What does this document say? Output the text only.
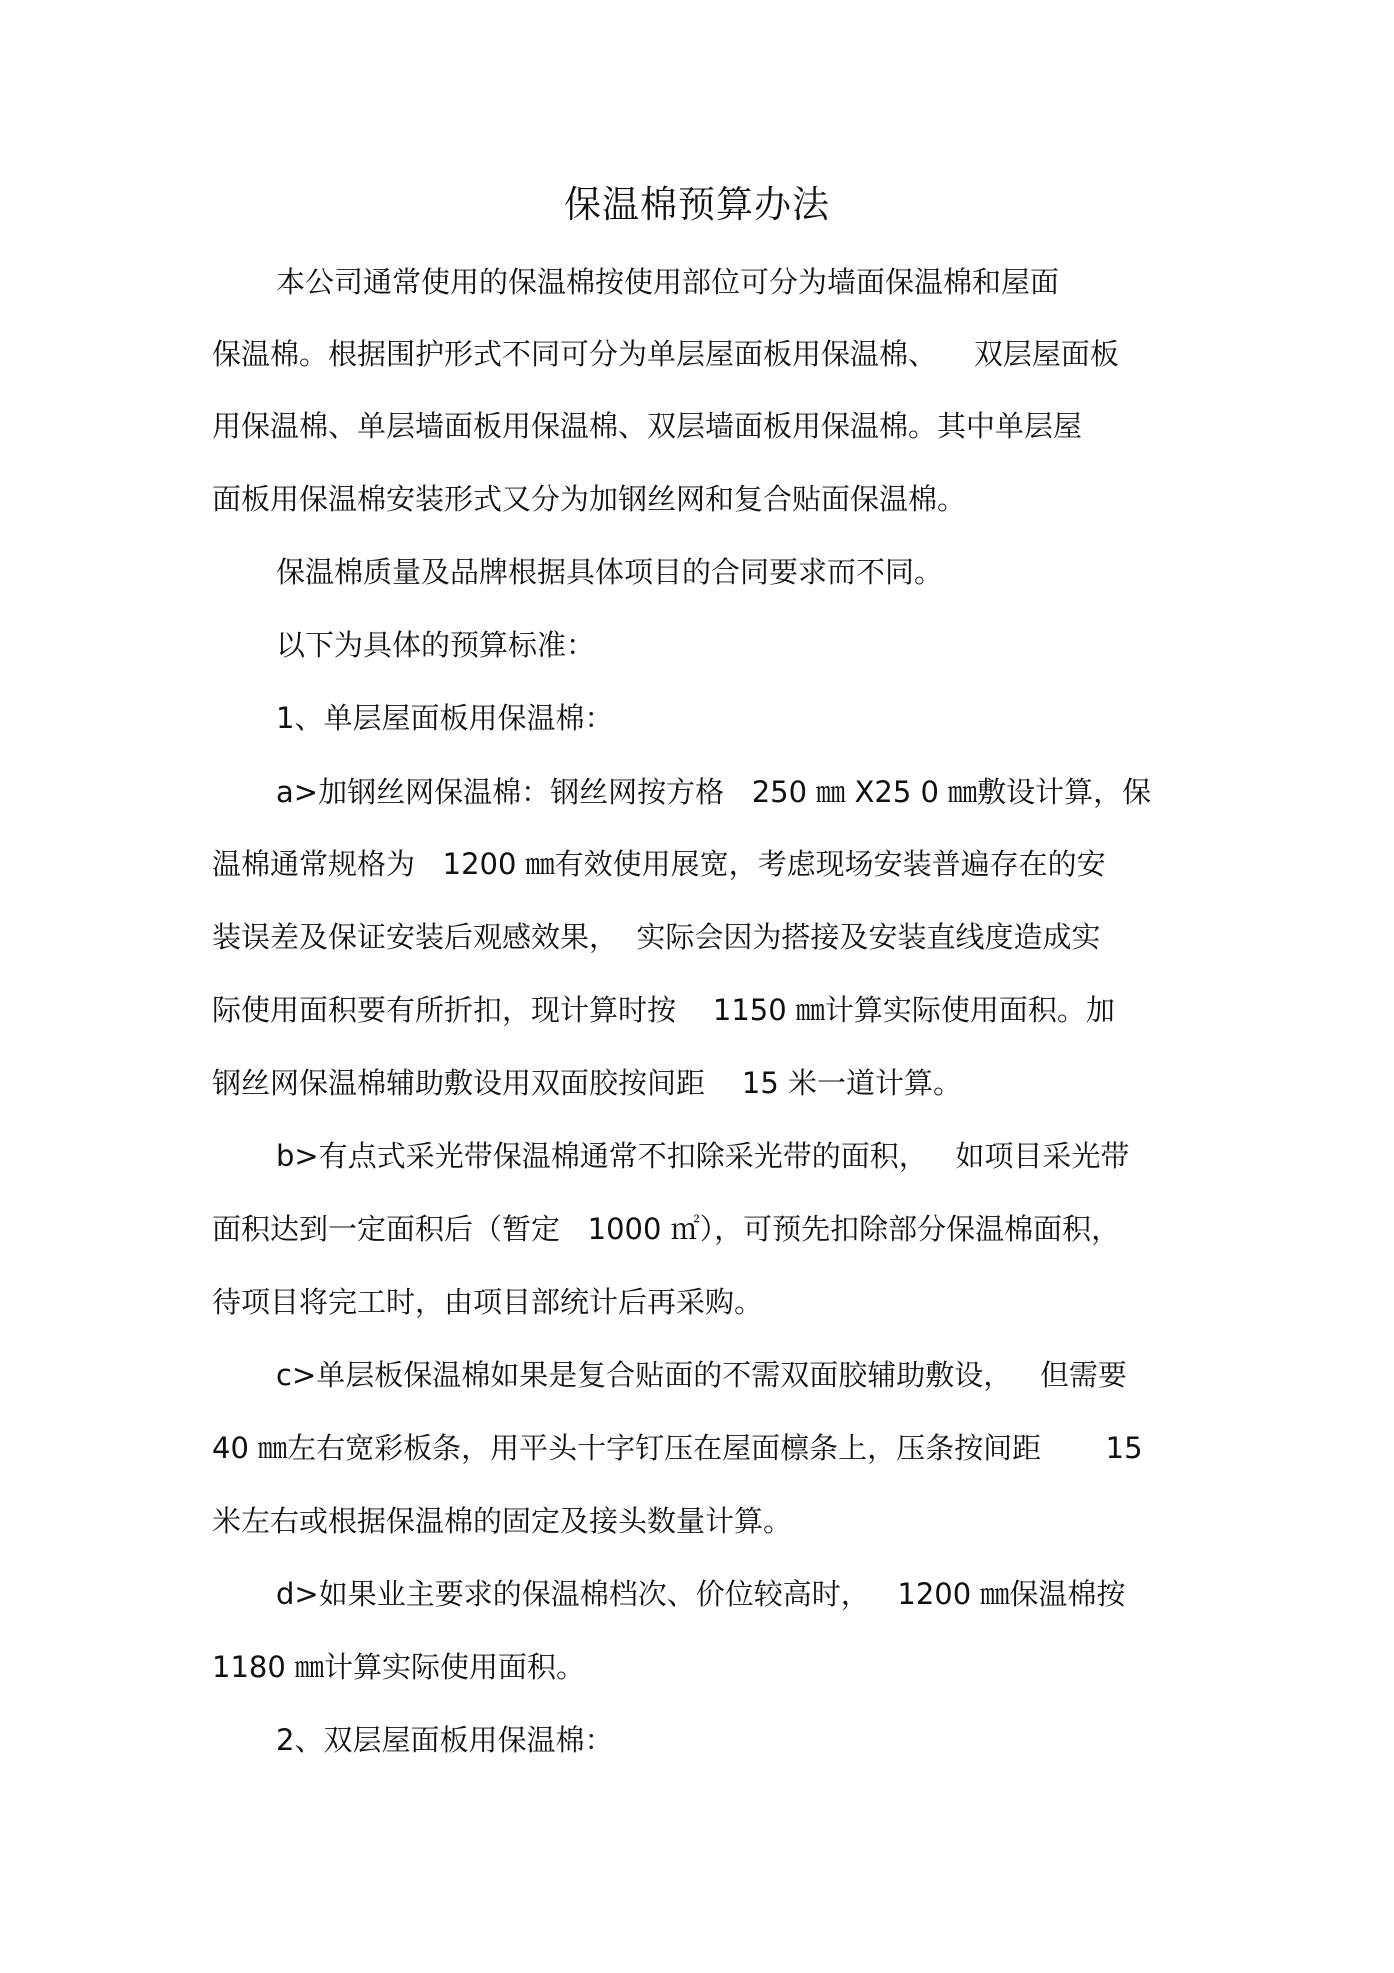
保温棉预算办法
本公司通常使用的保温棉按使用部位可分为墙面保温棉和屋面
保温棉。根据围护形式不同可分为单层屋面板用保温棉、    双层屋面板
用保温棉、单层墙面板用保温棉、双层墙面板用保温棉。其中单层屋
面板用保温棉安装形式又分为加钢丝网和复合贴面保温棉。
保温棉质量及品牌根据具体项目的合同要求而不同。
以下为具体的预算标准：
1、单层屋面板用保温棉：
a>加钢丝网保温棉：钢丝网按方格   250 ㎜ X25 0 ㎜敷设计算，保
温棉通常规格为   1200 ㎜有效使用展宽，考虑现场安装普遍存在的安
装误差及保证安装后观感效果，  实际会因为搭接及安装直线度造成实
际使用面积要有所折扣，现计算时按    1150 ㎜计算实际使用面积。加
钢丝网保温棉辅助敷设用双面胶按间距    15 米一道计算。
b>有点式采光带保温棉通常不扣除采光带的面积，   如项目采光带
面积达到一定面积后（暂定   1000 ㎡），可预先扣除部分保温棉面积，
待项目将完工时，由项目部统计后再采购。
c>单层板保温棉如果是复合贴面的不需双面胶辅助敷设，   但需要
40 ㎜左右宽彩板条，用平头十字钉压在屋面檩条上，压条按间距       15
米左右或根据保温棉的固定及接头数量计算。
d>如果业主要求的保温棉档次、价位较高时，   1200 ㎜保温棉按
1180 ㎜计算实际使用面积。
2、双层屋面板用保温棉：
